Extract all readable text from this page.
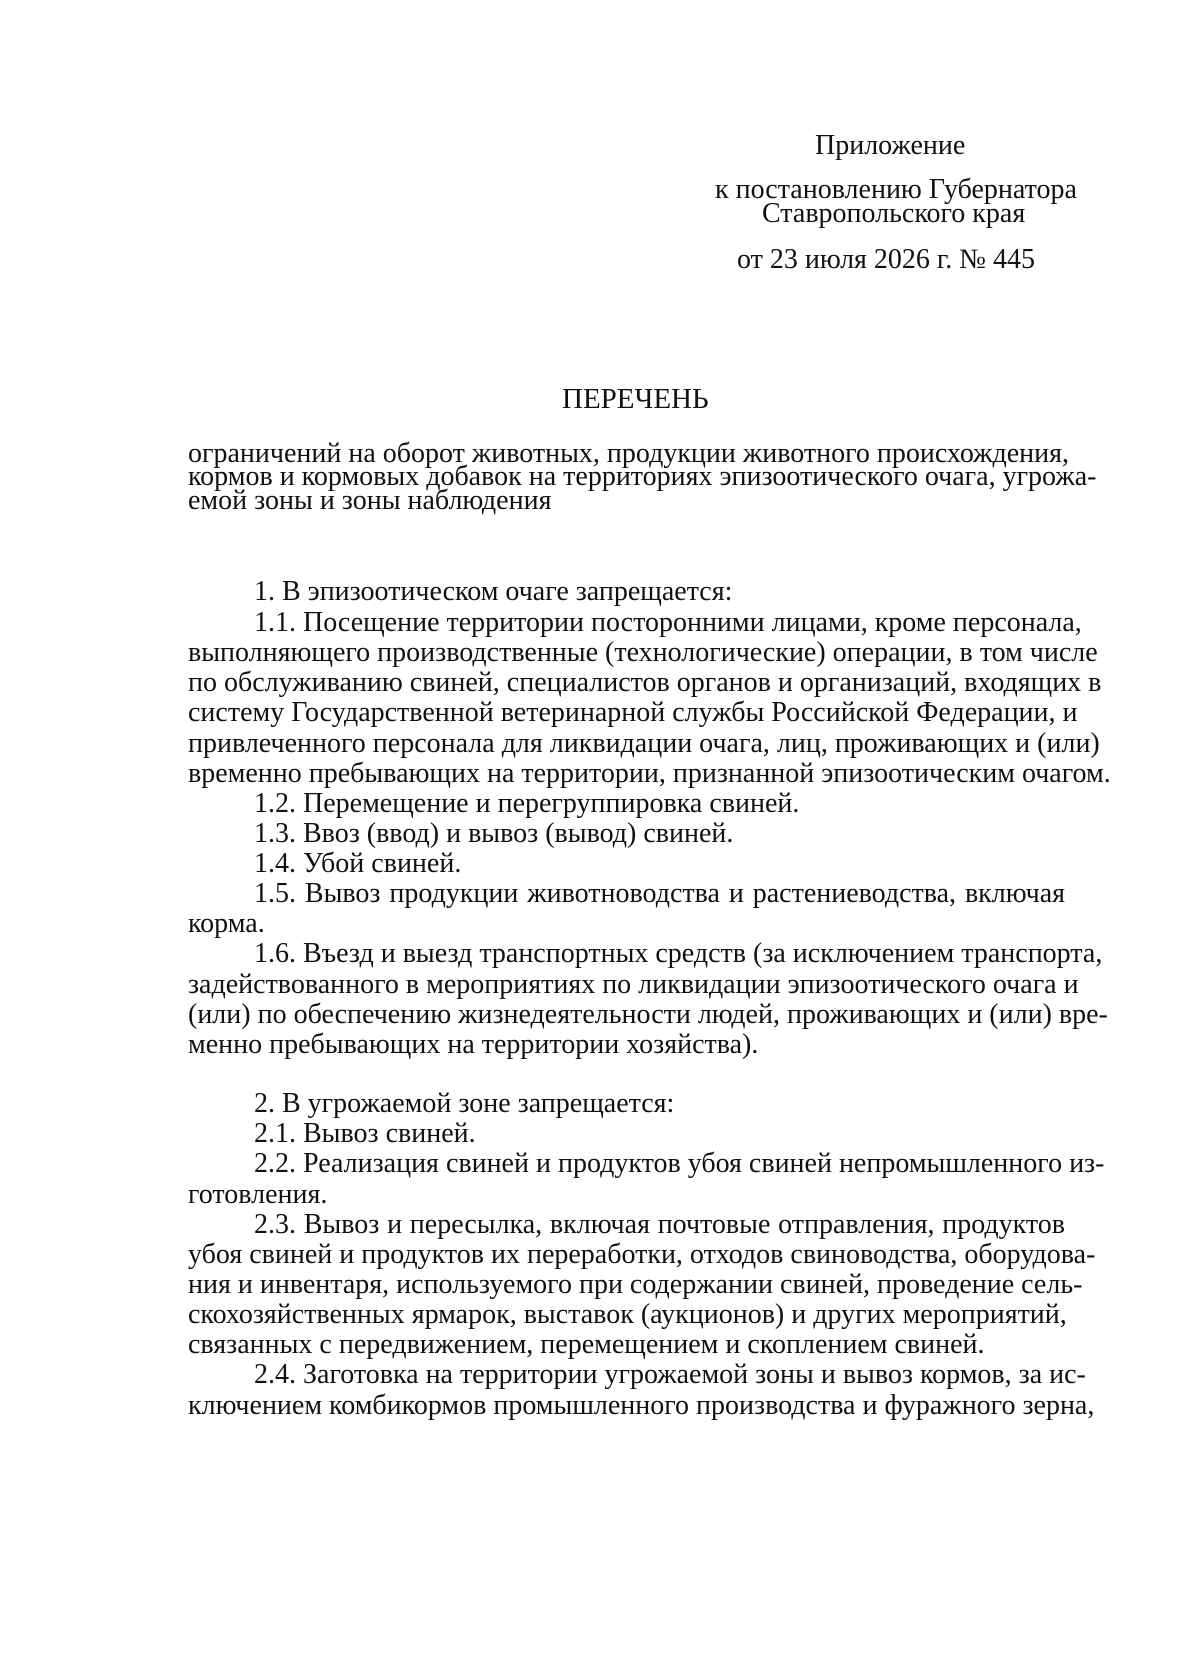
Приложение
к постановлению Губернатора
Ставропольского края
от 23 июля 2026 г. № 445
ПЕРЕЧЕНЬ
ограничений на оборот животных, продукции животного происхождения,
кормов и кормовых добавок на территориях эпизоотического очага, угрожа-
емой зоны и зоны наблюдения
1. В эпизоотическом очаге запрещается:
1.1. Посещение территории посторонними лицами, кроме персонала,
выполняющего производственные (технологические) операции, в том числе
по обслуживанию свиней, специалистов органов и организаций, входящих в
систему Государственной ветеринарной службы Российской Федерации, и
привлеченного персонала для ликвидации очага, лиц, проживающих и (или)
временно пребывающих на территории, признанной эпизоотическим очагом.
1.2. Перемещение и перегруппировка свиней.
1.3. Ввоз (ввод) и вывоз (вывод) свиней.
1.4. Убой свиней.
1.5. Вывоз продукции животноводства и растениеводства, включая
корма.
1.6. Въезд и выезд транспортных средств (за исключением транспорта,
задействованного в мероприятиях по ликвидации эпизоотического очага и
(или) по обеспечению жизнедеятельности людей, проживающих и (или) вре-
менно пребывающих на территории хозяйства).
2. В угрожаемой зоне запрещается:
2.1. Вывоз свиней.
2.2. Реализация свиней и продуктов убоя свиней непромышленного из-
готовления.
2.3. Вывоз и пересылка, включая почтовые отправления, продуктов
убоя свиней и продуктов их переработки, отходов свиноводства, оборудова-
ния и инвентаря, используемого при содержании свиней, проведение сель-
скохозяйственных ярмарок, выставок (аукционов) и других мероприятий,
связанных с передвижением, перемещением и скоплением свиней.
2.4. Заготовка на территории угрожаемой зоны и вывоз кормов, за ис-
ключением комбикормов промышленного производства и фуражного зерна,
